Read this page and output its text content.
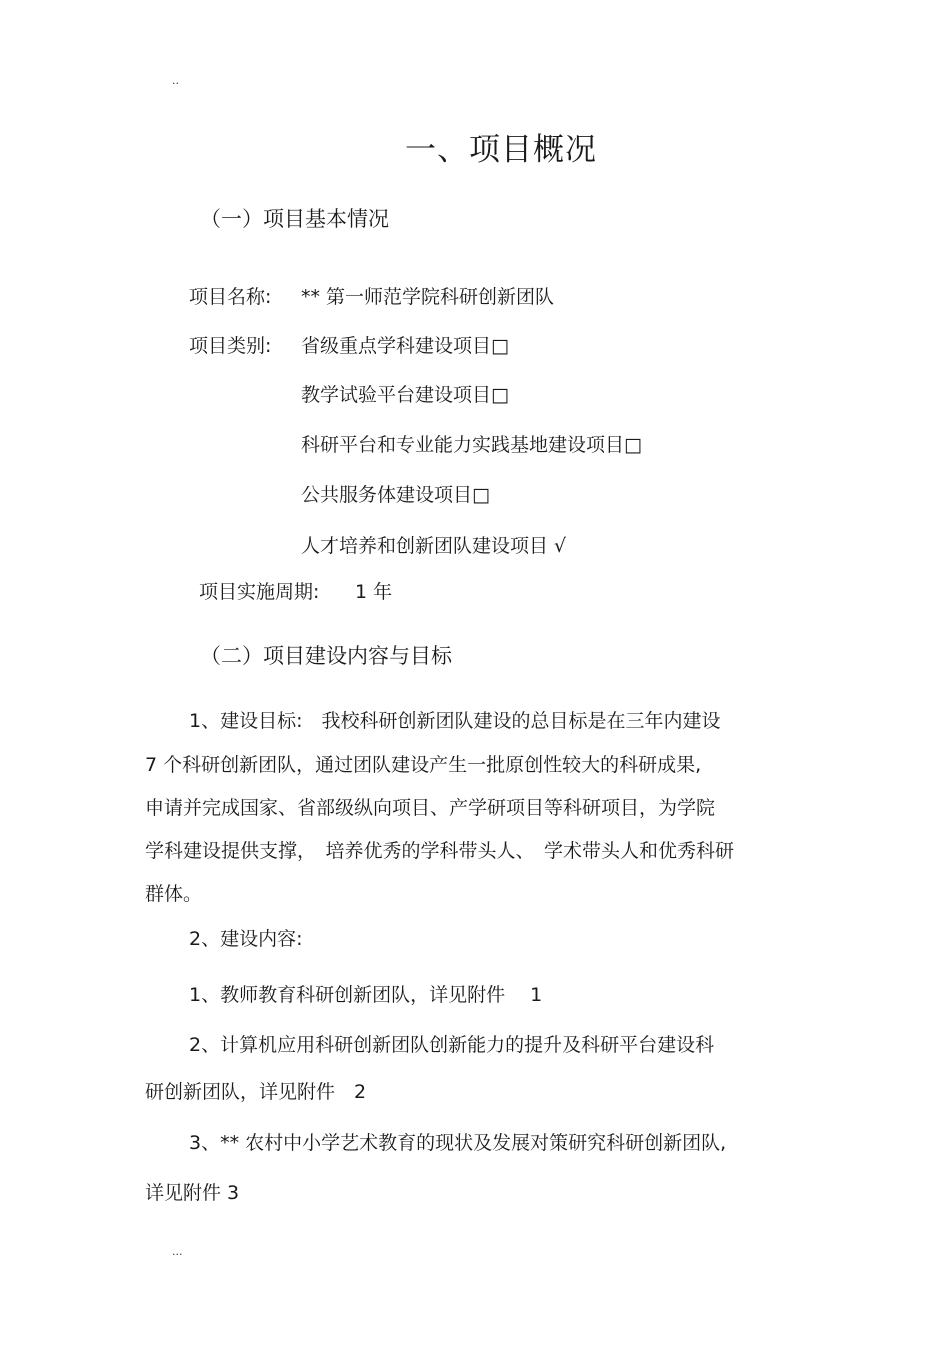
..
一、项目概况
（一）项目基本情况
项目名称: ** 第一师范学院科研创新团队
项目类别: 省级重点学科建设项目□
教学试验平台建设项目□
科研平台和专业能力实践基地建设项目□
公共服务体建设项目□
人才培养和创新团队建设项目 √
项目实施周期: 1 年
（二）项目建设内容与目标
1、建设目标:　我校科研创新团队建设的总目标是在三年内建设
7 个科研创新团队，通过团队建设产生一批原创性较大的科研成果,
申请并完成国家、省部级纵向项目、产学研项目等科研项目，为学院
学科建设提供支撑，　培养优秀的学科带头人、　学术带头人和优秀科研
群体。
2、建设内容:
1、教师教育科研创新团队，详见附件　 1
2、计算机应用科研创新团队创新能力的提升及科研平台建设科
研创新团队，详见附件　2
3、** 农村中小学艺术教育的现状及发展对策研究科研创新团队,
详见附件 3
...
